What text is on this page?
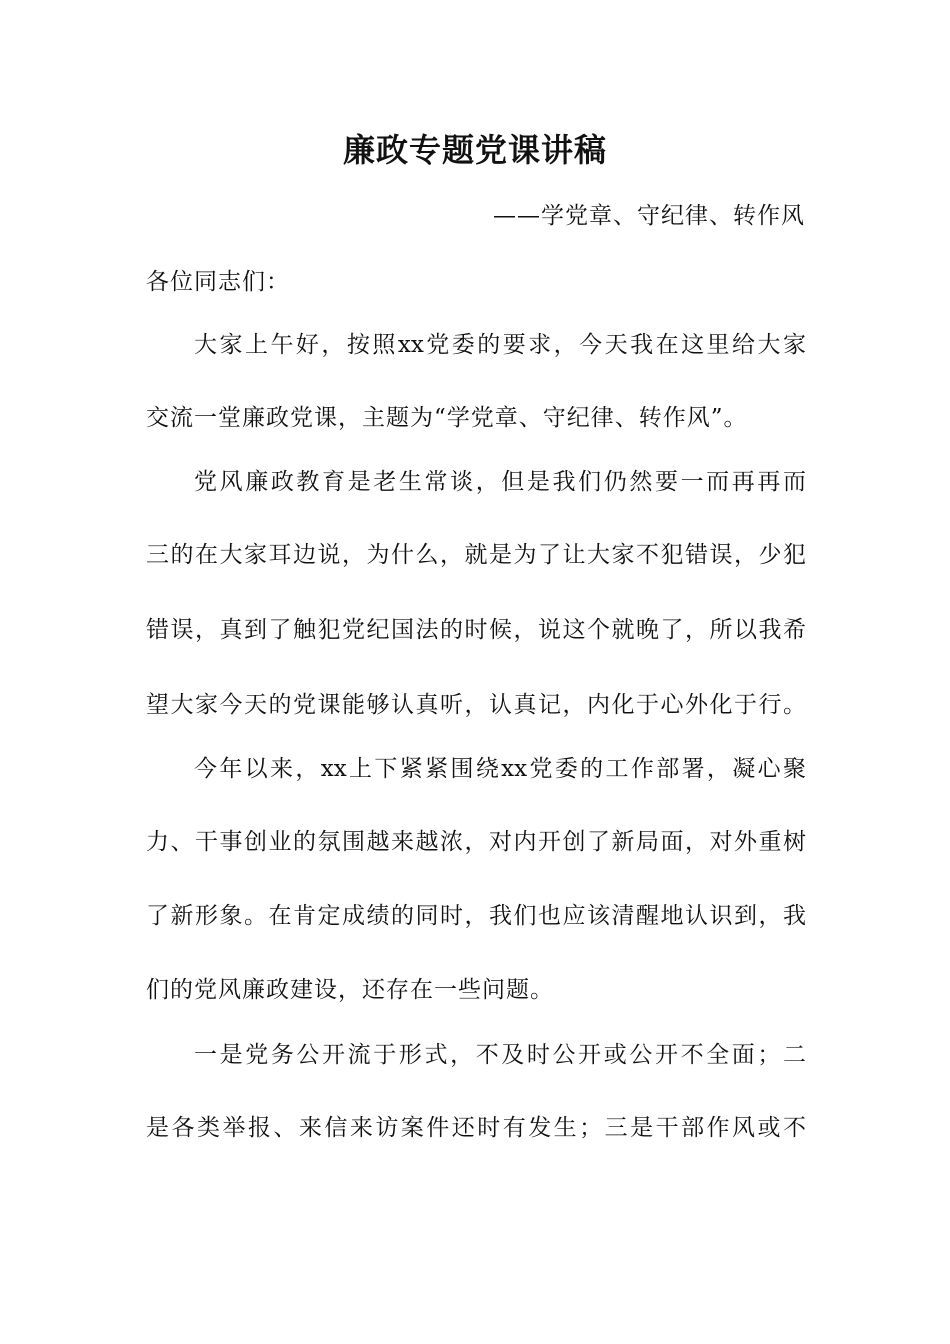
廉政专题党课讲稿
——学党章、守纪律、转作风
各位同志们：
大家上午好，按照xx党委的要求，今天我在这里给大家
交流一堂廉政党课，主题为“学党章、守纪律、转作风”。
党风廉政教育是老生常谈，但是我们仍然要一而再再而
三的在大家耳边说，为什么，就是为了让大家不犯错误，少犯
错误，真到了触犯党纪国法的时候，说这个就晚了，所以我希
望大家今天的党课能够认真听，认真记，内化于心外化于行。
今年以来，xx上下紧紧围绕xx党委的工作部署，凝心聚
力、干事创业的氛围越来越浓，对内开创了新局面，对外重树
了新形象。在肯定成绩的同时，我们也应该清醒地认识到，我
们的党风廉政建设，还存在一些问题。
一是党务公开流于形式，不及时公开或公开不全面；二
是各类举报、来信来访案件还时有发生；三是干部作风或不
